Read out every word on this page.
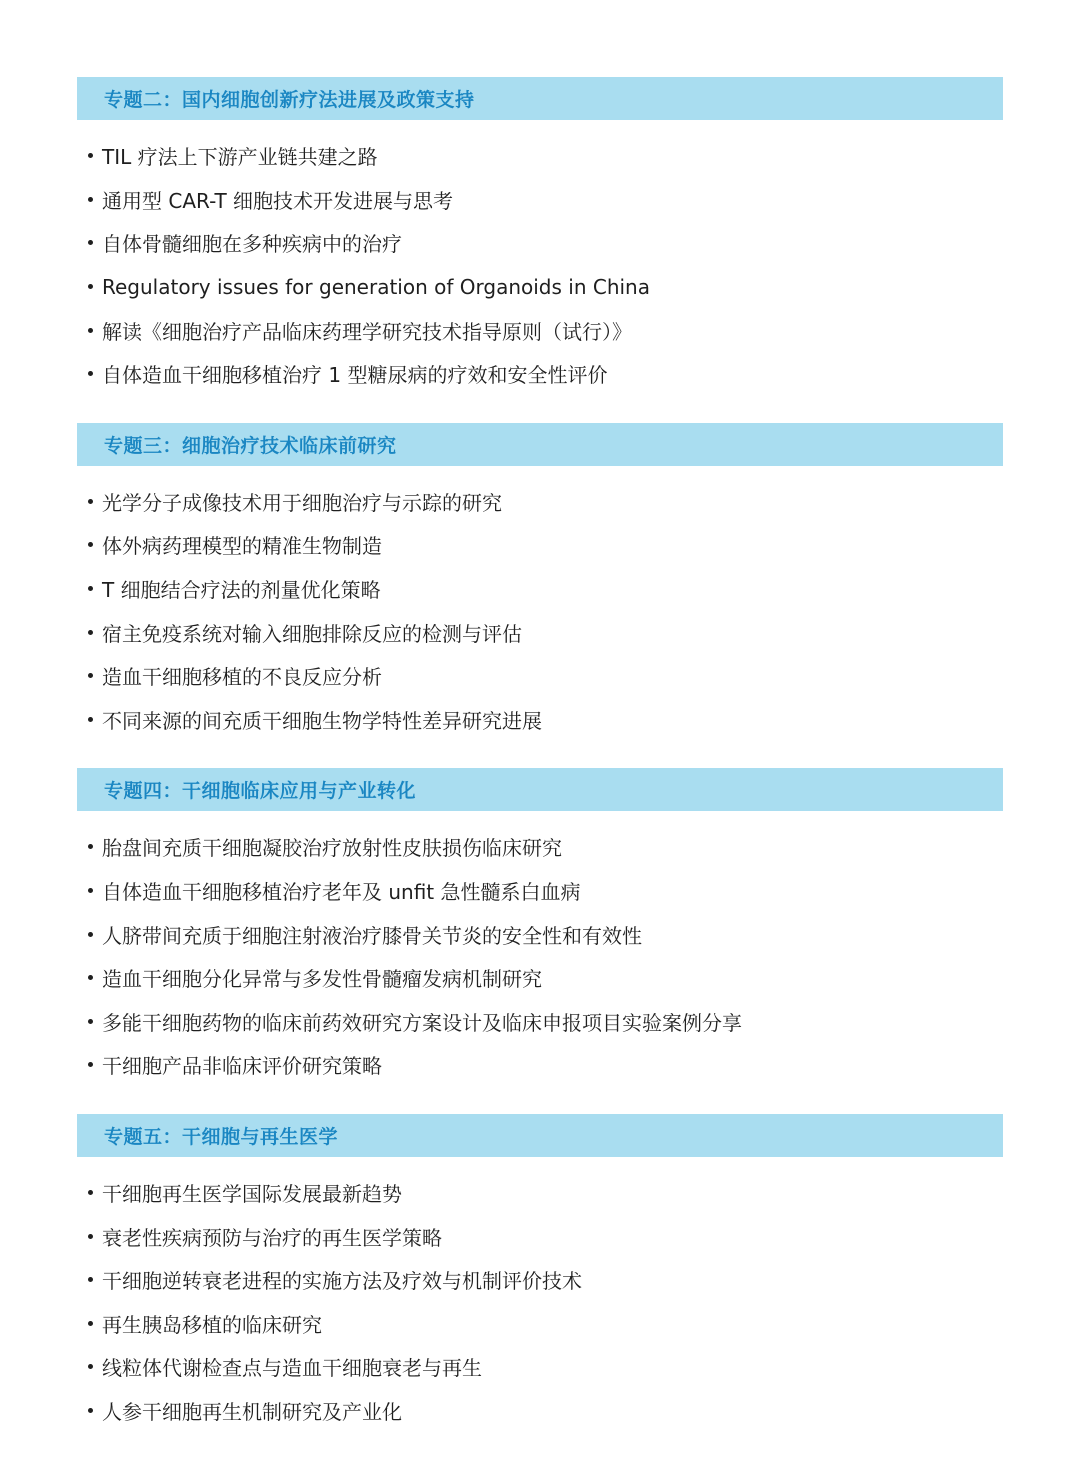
专题二：国内细胞创新疗法进展及政策支持
TIL 疗法上下游产业链共建之路
通用型 CAR-T 细胞技术开发进展与思考
自体骨髓细胞在多种疾病中的治疗
Regulatory issues for generation of Organoids in China
解读《细胞治疗产品临床药理学研究技术指导原则（试行）》
自体造血干细胞移植治疗 1 型糖尿病的疗效和安全性评价
专题三：细胞治疗技术临床前研究
光学分子成像技术用于细胞治疗与示踪的研究
体外病药理模型的精准生物制造
T 细胞结合疗法的剂量优化策略
宿主免疫系统对输入细胞排除反应的检测与评估
造血干细胞移植的不良反应分析
不同来源的间充质干细胞生物学特性差异研究进展
专题四：干细胞临床应用与产业转化
胎盘间充质干细胞凝胶治疗放射性皮肤损伤临床研究
自体造血干细胞移植治疗老年及 unfit 急性髓系白血病
人脐带间充质于细胞注射液治疗膝骨关节炎的安全性和有效性
造血干细胞分化异常与多发性骨髓瘤发病机制研究
多能干细胞药物的临床前药效研究方案设计及临床申报项目实验案例分享
干细胞产品非临床评价研究策略
专题五：干细胞与再生医学
干细胞再生医学国际发展最新趋势
衰老性疾病预防与治疗的再生医学策略
干细胞逆转衰老进程的实施方法及疗效与机制评价技术
再生胰岛移植的临床研究
线粒体代谢检查点与造血干细胞衰老与再生
人参干细胞再生机制研究及产业化
